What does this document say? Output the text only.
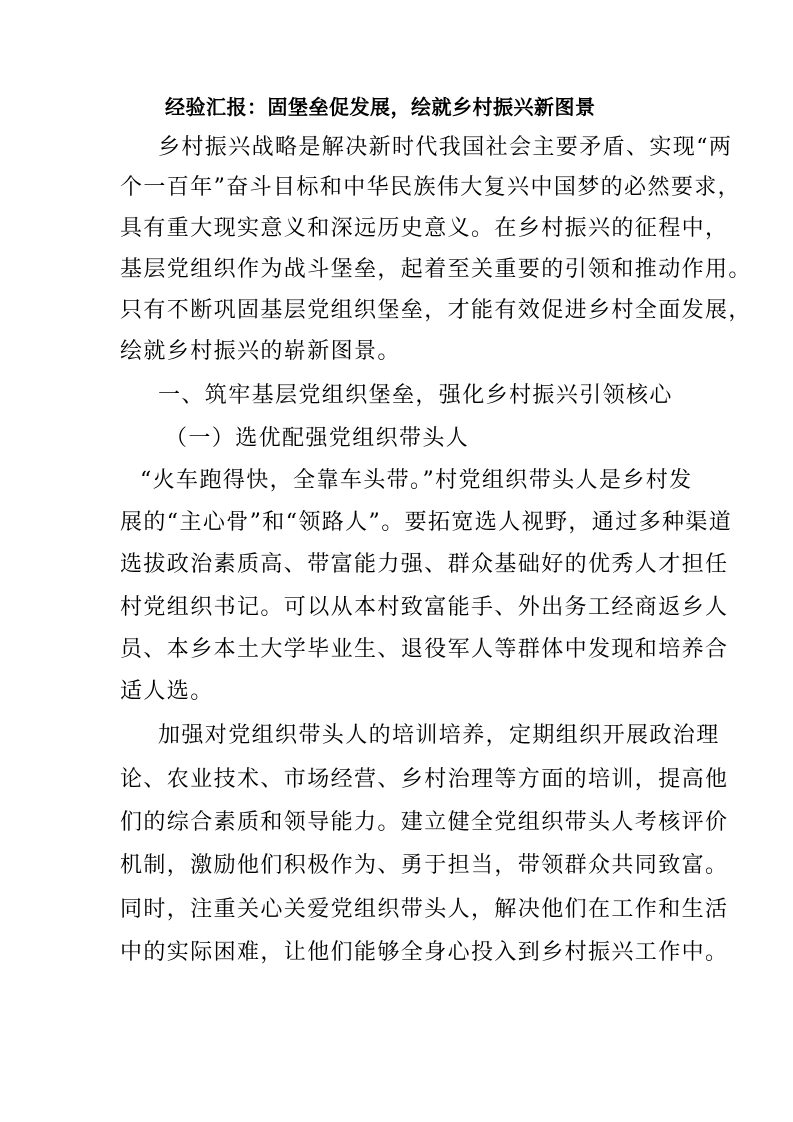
经验汇报：固堡垒促发展，绘就乡村振兴新图景
乡村振兴战略是解决新时代我国社会主要矛盾、实现“两
个一百年”奋斗目标和中华民族伟大复兴中国梦的必然要求，
具有重大现实意义和深远历史意义。在乡村振兴的征程中，
基层党组织作为战斗堡垒，起着至关重要的引领和推动作用。
只有不断巩固基层党组织堡垒，才能有效促进乡村全面发展，
绘就乡村振兴的崭新图景。
一、筑牢基层党组织堡垒，强化乡村振兴引领核心
（一）选优配强党组织带头人
“火车跑得快，全靠车头带。”村党组织带头人是乡村发
展的“主心骨”和“领路人”。要拓宽选人视野，通过多种渠道
选拔政治素质高、带富能力强、群众基础好的优秀人才担任
村党组织书记。可以从本村致富能手、外出务工经商返乡人
员、本乡本土大学毕业生、退役军人等群体中发现和培养合
适人选。
加强对党组织带头人的培训培养，定期组织开展政治理
论、农业技术、市场经营、乡村治理等方面的培训，提高他
们的综合素质和领导能力。建立健全党组织带头人考核评价
机制，激励他们积极作为、勇于担当，带领群众共同致富。
同时，注重关心关爱党组织带头人，解决他们在工作和生活
中的实际困难，让他们能够全身心投入到乡村振兴工作中。
